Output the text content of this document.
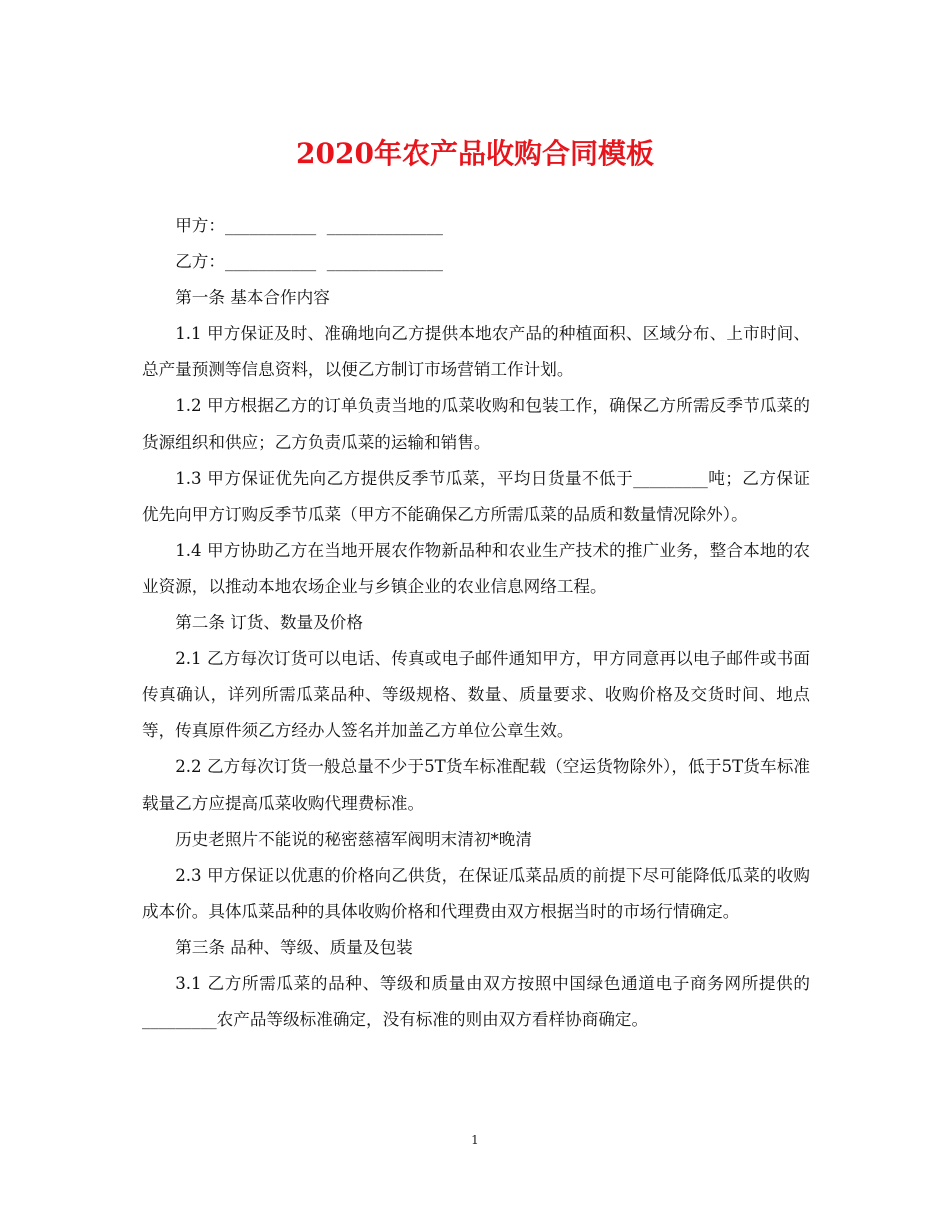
2020年农产品收购合同模板

甲方：___________  ______________

乙方：___________  ______________

第一条 基本合作内容

1.1 甲方保证及时、准确地向乙方提供本地农产品的种植面积、区域分布、上市时间、总产量预测等信息资料，以便乙方制订市场营销工作计划。

1.2 甲方根据乙方的订单负责当地的瓜菜收购和包装工作，确保乙方所需反季节瓜菜的货源组织和供应；乙方负责瓜菜的运输和销售。

1.3 甲方保证优先向乙方提供反季节瓜菜，平均日货量不低于_________吨；乙方保证优先向甲方订购反季节瓜菜（甲方不能确保乙方所需瓜菜的品质和数量情况除外）。

1.4 甲方协助乙方在当地开展农作物新品种和农业生产技术的推广业务，整合本地的农业资源，以推动本地农场企业与乡镇企业的农业信息网络工程。

第二条 订货、数量及价格

2.1 乙方每次订货可以电话、传真或电子邮件通知甲方，甲方同意再以电子邮件或书面传真确认，详列所需瓜菜品种、等级规格、数量、质量要求、收购价格及交货时间、地点等，传真原件须乙方经办人签名并加盖乙方单位公章生效。

2.2 乙方每次订货一般总量不少于5T货车标准配载（空运货物除外），低于5T货车标准载量乙方应提高瓜菜收购代理费标准。

历史老照片不能说的秘密慈禧军阀明末清初*晚清

2.3 甲方保证以优惠的价格向乙供货，在保证瓜菜品质的前提下尽可能降低瓜菜的收购成本价。具体瓜菜品种的具体收购价格和代理费由双方根据当时的市场行情确定。

第三条 品种、等级、质量及包装

3.1 乙方所需瓜菜的品种、等级和质量由双方按照中国绿色通道电子商务网所提供的_________农产品等级标准确定，没有标准的则由双方看样协商确定。

1
